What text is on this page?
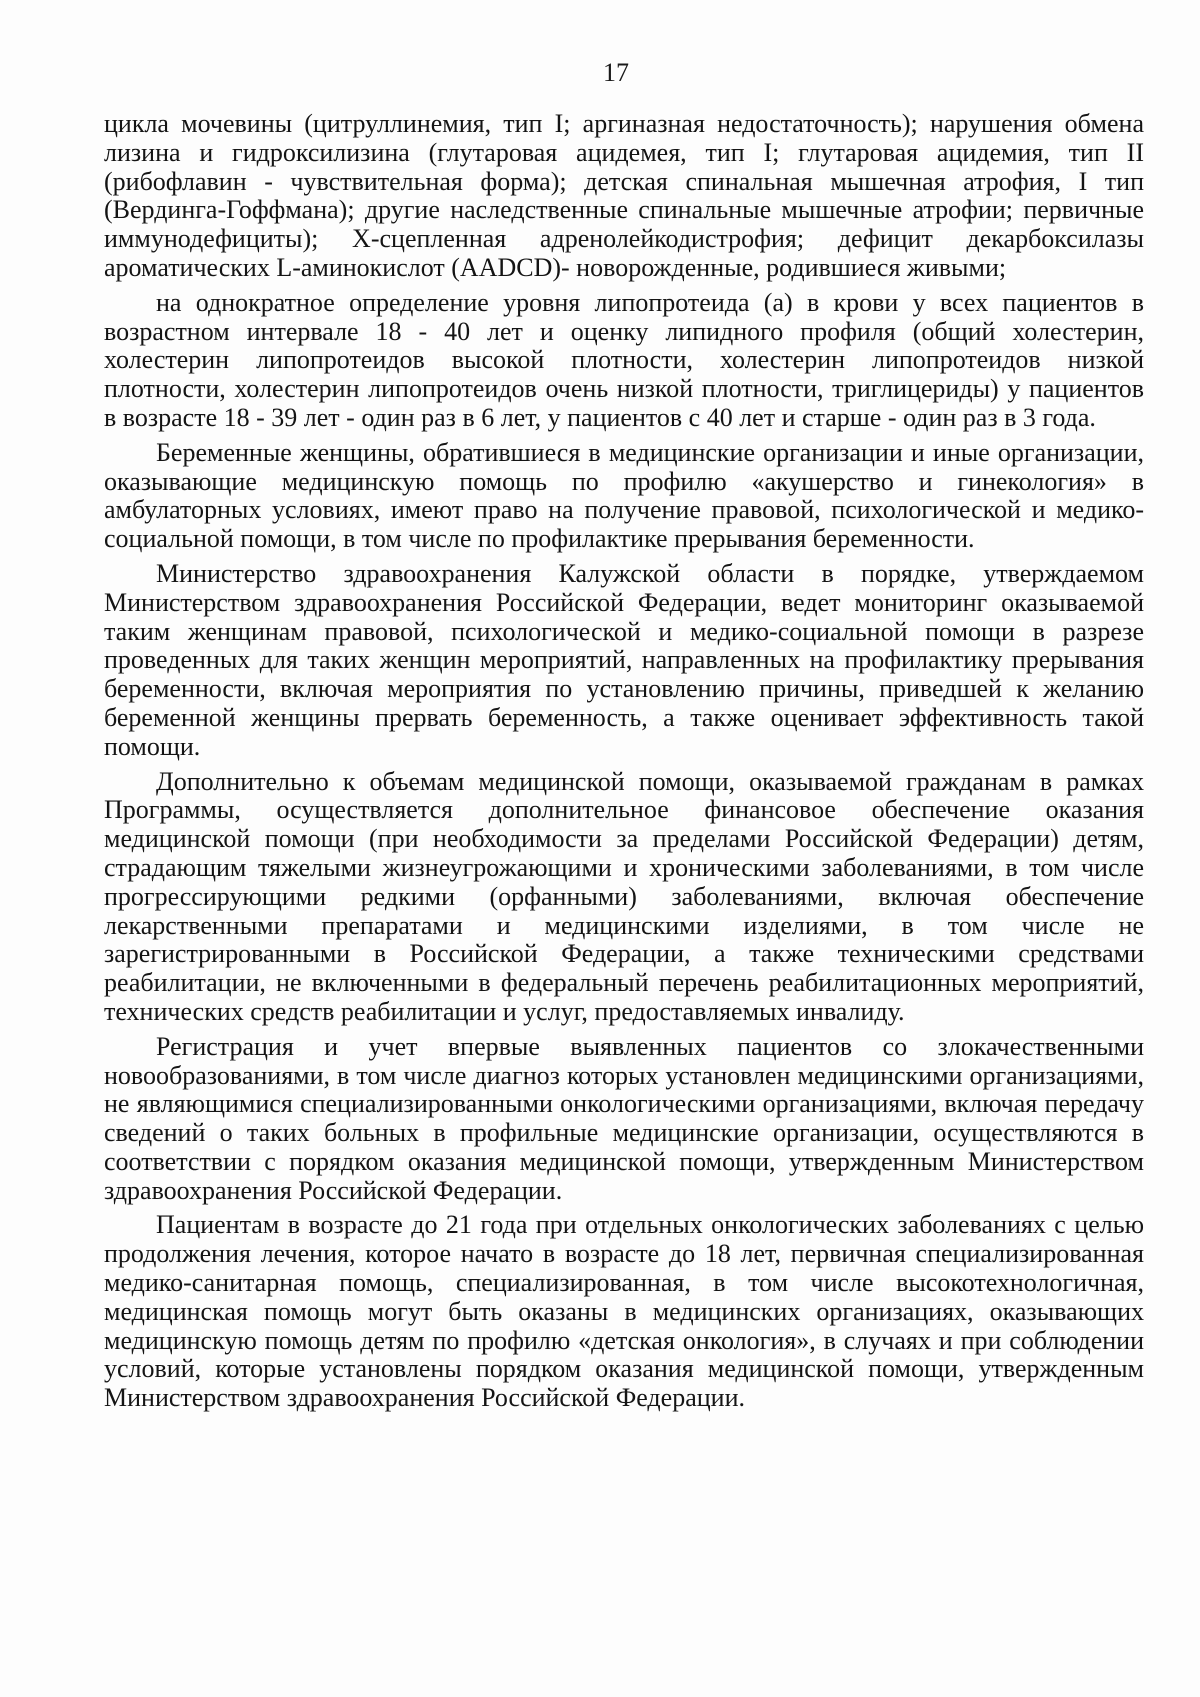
17

цикла мочевины (цитруллинемия, тип I; аргиназная недостаточность); нарушения обмена лизина и гидроксилизина (глутаровая ацидемея, тип I; глутаровая ацидемия, тип II (рибофлавин - чувствительная форма); детская спинальная мышечная атрофия, I тип (Вердинга-Гоффмана); другие наследственные спинальные мышечные атрофии; первичные иммунодефициты); Х-сцепленная адренолейкодистрофия; дефицит декарбоксилазы ароматических L-аминокислот (AADCD)- новорожденные, родившиеся живыми;

на однократное определение уровня липопротеида (а) в крови у всех пациентов в возрастном интервале 18 - 40 лет и оценку липидного профиля (общий холестерин, холестерин липопротеидов высокой плотности, холестерин липопротеидов низкой плотности, холестерин липопротеидов очень низкой плотности, триглицериды) у пациентов в возрасте 18 - 39 лет - один раз в 6 лет, у пациентов с 40 лет и старше - один раз в 3 года.

Беременные женщины, обратившиеся в медицинские организации и иные организации, оказывающие медицинскую помощь по профилю «акушерство и гинекология» в амбулаторных условиях, имеют право на получение правовой, психологической и медико-социальной помощи, в том числе по профилактике прерывания беременности.

Министерство здравоохранения Калужской области в порядке, утверждаемом Министерством здравоохранения Российской Федерации, ведет мониторинг оказываемой таким женщинам правовой, психологической и медико-социальной помощи в разрезе проведенных для таких женщин мероприятий, направленных на профилактику прерывания беременности, включая мероприятия по установлению причины, приведшей к желанию беременной женщины прервать беременность, а также оценивает эффективность такой помощи.

Дополнительно к объемам медицинской помощи, оказываемой гражданам в рамках Программы, осуществляется дополнительное финансовое обеспечение оказания медицинской помощи (при необходимости за пределами Российской Федерации) детям, страдающим тяжелыми жизнеугрожающими и хроническими заболеваниями, в том числе прогрессирующими редкими (орфанными) заболеваниями, включая обеспечение лекарственными препаратами и медицинскими изделиями, в том числе не зарегистрированными в Российской Федерации, а также техническими средствами реабилитации, не включенными в федеральный перечень реабилитационных мероприятий, технических средств реабилитации и услуг, предоставляемых инвалиду.

Регистрация и учет впервые выявленных пациентов со злокачественными новообразованиями, в том числе диагноз которых установлен медицинскими организациями, не являющимися специализированными онкологическими организациями, включая передачу сведений о таких больных в профильные медицинские организации, осуществляются в соответствии с порядком оказания медицинской помощи, утвержденным Министерством здравоохранения Российской Федерации.

Пациентам в возрасте до 21 года при отдельных онкологических заболеваниях с целью продолжения лечения, которое начато в возрасте до 18 лет, первичная специализированная медико-санитарная помощь, специализированная, в том числе высокотехнологичная, медицинская помощь могут быть оказаны в медицинских организациях, оказывающих медицинскую помощь детям по профилю «детская онкология», в случаях и при соблюдении условий, которые установлены порядком оказания медицинской помощи, утвержденным Министерством здравоохранения Российской Федерации.
